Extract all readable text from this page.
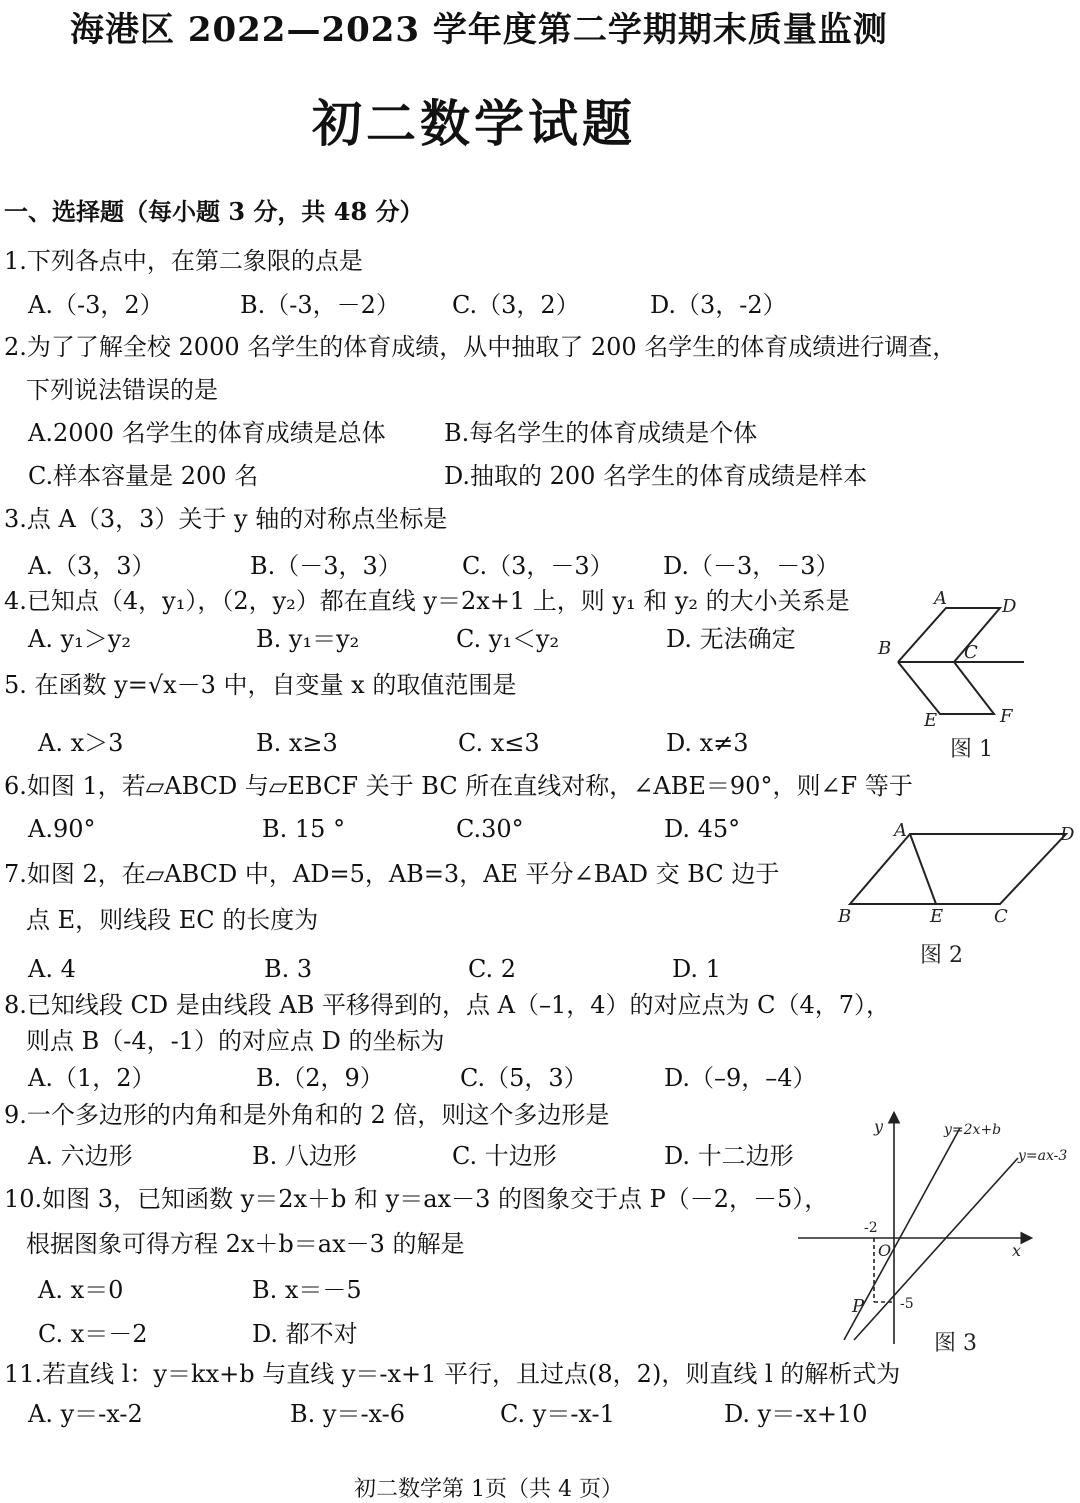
海港区 2022—2023 学年度第二学期期末质量监测
初二数学试题
一、选择题（每小题 3 分，共 48 分）
1.下列各点中，在第二象限的点是
A.（-3，2）	B.（-3，－2） C.（3，2）	D.（3，-2）
2.为了了解全校 2000 名学生的体育成绩，从中抽取了 200 名学生的体育成绩进行调查，
下列说法错误的是
A.2000 名学生的体育成绩是总体 B.每名学生的体育成绩是个体
C.样本容量是 200 名	D.抽取的 200 名学生的体育成绩是样本
3.点 A（3，3）关于 y 轴的对称点坐标是
A.（3，3）	B.（－3，3）	C.（3，－3） D.（－3，－3）
4.已知点（4，y₁），（2，y₂）都在直线 y＝2x+1 上，则 y₁ 和 y₂ 的大小关系是
A. y₁＞y₂	B. y₁＝y₂	C. y₁＜y₂	D. 无法确定
5. 在函数 y=√x－3 中，自变量 x 的取值范围是
A. x＞3	B. x≥3	C. x≤3	D. x≠3
6.如图 1，若▱ABCD 与▱EBCF 关于 BC 所在直线对称，∠ABE＝90°，则∠F 等于
A.90°	B. 15 °	C.30°	D. 45°
7.如图 2，在▱ABCD 中，AD=5，AB=3，AE 平分∠BAD 交 BC 边于
点 E，则线段 EC 的长度为
A. 4	B. 3	C. 2	D. 1
8.已知线段 CD 是由线段 AB 平移得到的，点 A（–1，4）的对应点为 C（4，7），
则点 B（-4，-1）的对应点 D 的坐标为
A.（1，2）	B.（2，9）	C.（5，3）	D.（–9，–4）
9.一个多边形的内角和是外角和的 2 倍，则这个多边形是
A. 六边形	B. 八边形	C. 十边形	D. 十二边形
10.如图 3，已知函数 y＝2x＋b 和 y＝ax－3 的图象交于点 P（－2，－5），
根据图象可得方程 2x＋b＝ax－3 的解是
A. x＝0	B. x＝－5
C. x＝－2	D. 都不对
11.若直线 l：y＝kx+b 与直线 y＝-x+1 平行，且过点(8，2)，则直线 l 的解析式为
A. y＝-x-2	B. y＝-x-6	C. y＝-x-1	D. y＝-x+10
A	D
B	C
E	F
图 1
A	D
B	E	C
图 2
y
x
O
P
y=2x+b
y=ax-3
-2
-5
图 3
初二数学第 1页（共 4 页）
